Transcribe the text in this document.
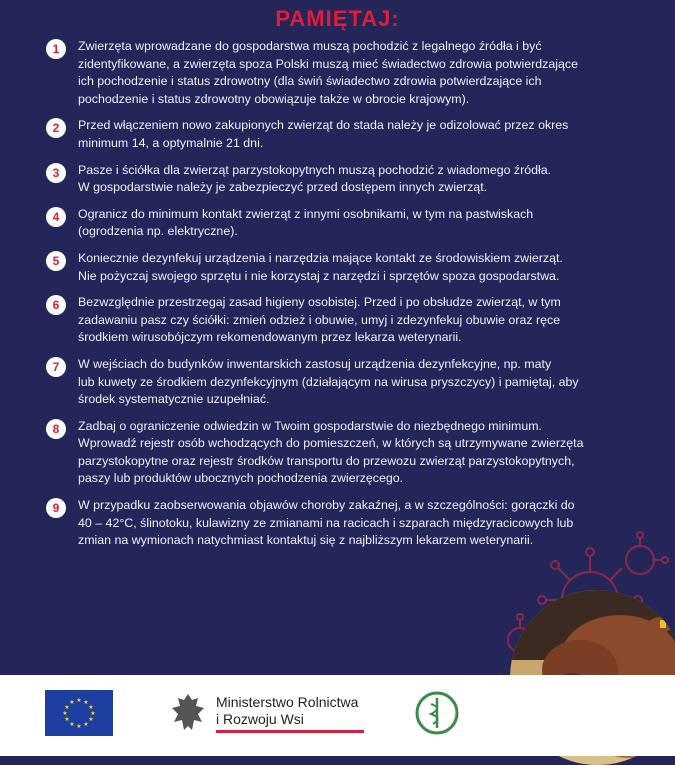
PAMIĘTAJ:
1	Zwierzęta wprowadzane do gospodarstwa muszą pochodzić z legalnego źródła i być
zidentyfikowane, a zwierzęta spoza Polski muszą mieć świadectwo zdrowia potwierdzające
ich pochodzenie i status zdrowotny (dla świń świadectwo zdrowia potwierdzające ich
pochodzenie i status zdrowotny obowiązuje także w obrocie krajowym).
2	Przed włączeniem nowo zakupionych zwierząt do stada należy je odizolować przez okres
minimum 14, a optymalnie 21 dni.
3	Pasze i ściółka dla zwierząt parzystokopytnych muszą pochodzić z wiadomego źródła.
W gospodarstwie należy je zabezpieczyć przed dostępem innych zwierząt.
4	Ogranicz do minimum kontakt zwierząt z innymi osobnikami, w tym na pastwiskach
(ogrodzenia np. elektryczne).
5	Koniecznie dezynfekuj urządzenia i narzędzia mające kontakt ze środowiskiem zwierząt.
Nie pożyczaj swojego sprzętu i nie korzystaj z narzędzi i sprzętów spoza gospodarstwa.
6	Bezwzględnie przestrzegaj zasad higieny osobistej. Przed i po obsłudze zwierząt, w tym
zadawaniu pasz czy ściółki: zmień odzież i obuwie, umyj i zdezynfekuj obuwie oraz ręce
środkiem wirusobójczym rekomendowanym przez lekarza weterynarii.
7	W wejściach do budynków inwentarskich zastosuj urządzenia dezynfekcyjne, np. maty
lub kuwety ze środkiem dezynfekcyjnym (działającym na wirusa pryszczycy) i pamiętaj, aby
środek systematycznie uzupełniać.
8	Zadbaj o ograniczenie odwiedzin w Twoim gospodarstwie do niezbędnego minimum.
Wprowadź rejestr osób wchodzących do pomieszczeń, w których są utrzymywane zwierzęta
parzystokopytne oraz rejestr środków transportu do przewozu zwierząt parzystokopytnych,
paszy lub produktów ubocznych pochodzenia zwierzęcego.
9	W przypadku zaobserwowania objawów choroby zakaźnej, a w szczególności: gorączki do
40 – 42°C, ślinotoku, kulawizny ze zmianami na racicach i szparach międzyracicowych lub
zmian na wymionach natychmiast kontaktuj się z najbliższym lekarzem weterynarii.
★ ★
★
★
★
★
★
★
★
★
★
★	Ministerstwo Rolnictwa
i Rozwoju Wsi
